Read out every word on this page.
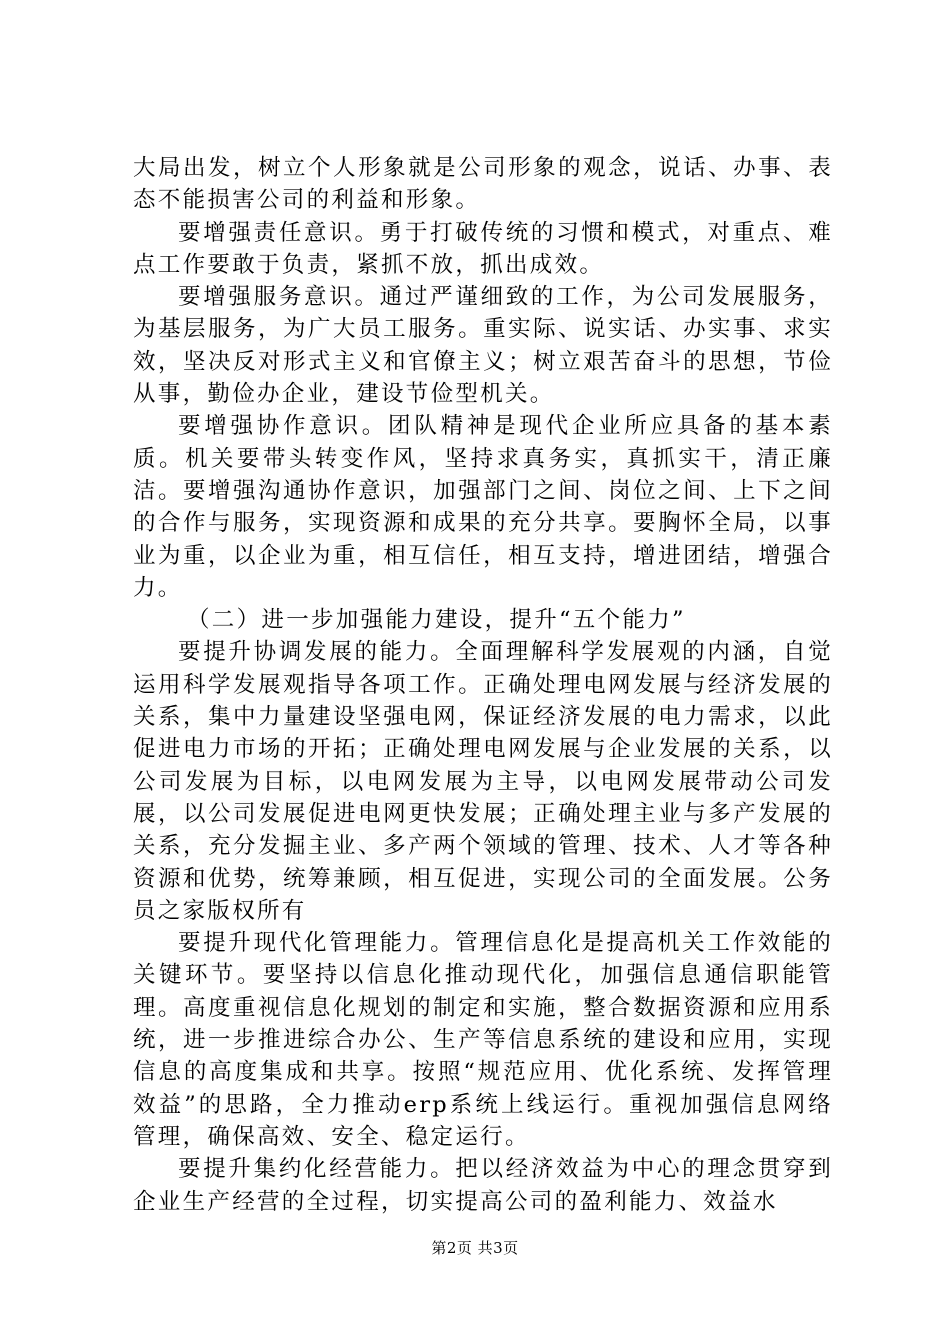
大局出发，树立个人形象就是公司形象的观念，说话、办事、表态不能损害公司的利益和形象。

要增强责任意识。勇于打破传统的习惯和模式，对重点、难点工作要敢于负责，紧抓不放，抓出成效。

要增强服务意识。通过严谨细致的工作，为公司发展服务，为基层服务，为广大员工服务。重实际、说实话、办实事、求实效，坚决反对形式主义和官僚主义；树立艰苦奋斗的思想，节俭从事，勤俭办企业，建设节俭型机关。

要增强协作意识。团队精神是现代企业所应具备的基本素质。机关要带头转变作风，坚持求真务实，真抓实干，清正廉洁。要增强沟通协作意识，加强部门之间、岗位之间、上下之间的合作与服务，实现资源和成果的充分共享。要胸怀全局，以事业为重，以企业为重，相互信任，相互支持，增进团结，增强合力。

（二）进一步加强能力建设，提升“五个能力”

要提升协调发展的能力。全面理解科学发展观的内涵，自觉运用科学发展观指导各项工作。正确处理电网发展与经济发展的关系，集中力量建设坚强电网，保证经济发展的电力需求，以此促进电力市场的开拓；正确处理电网发展与企业发展的关系，以公司发展为目标，以电网发展为主导，以电网发展带动公司发展，以公司发展促进电网更快发展；正确处理主业与多产发展的关系，充分发掘主业、多产两个领域的管理、技术、人才等各种资源和优势，统筹兼顾，相互促进，实现公司的全面发展。公务员之家版权所有

要提升现代化管理能力。管理信息化是提高机关工作效能的关键环节。要坚持以信息化推动现代化，加强信息通信职能管理。高度重视信息化规划的制定和实施，整合数据资源和应用系统，进一步推进综合办公、生产等信息系统的建设和应用，实现信息的高度集成和共享。按照“规范应用、优化系统、发挥管理效益”的思路，全力推动erp系统上线运行。重视加强信息网络管理，确保高效、安全、稳定运行。

要提升集约化经营能力。把以经济效益为中心的理念贯穿到企业生产经营的全过程，切实提高公司的盈利能力、效益水

第2页 共3页
